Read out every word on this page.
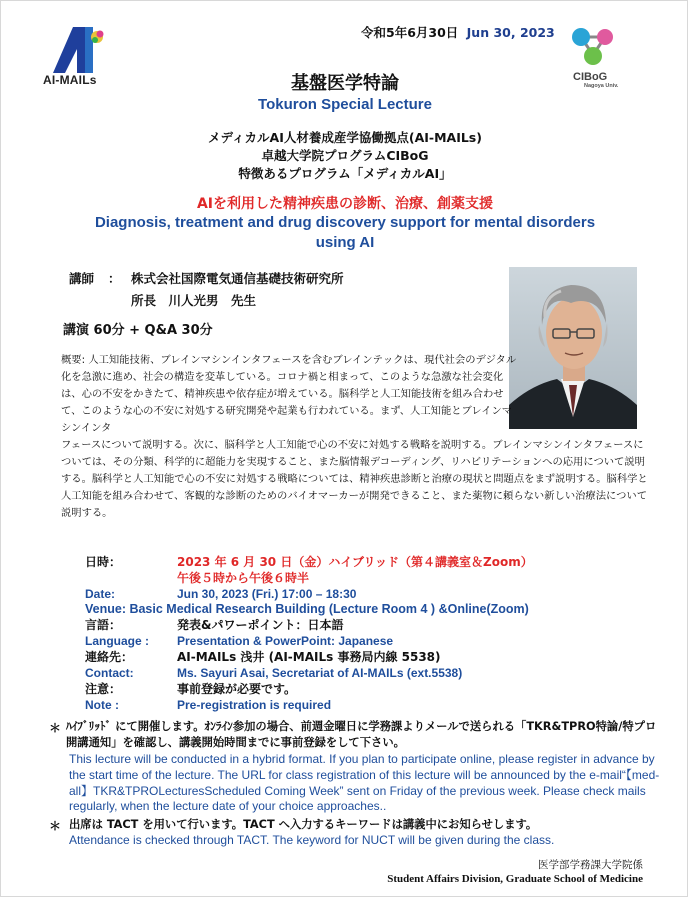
AI-MAILs
令和5年6月30日 Jun 30, 2023
CIBoG
Nagoya Univ.
基盤医学特論
Tokuron Special Lecture
メディカルAI人材養成産学協働拠点(AI-MAILs)
卓越大学院プログラムCIBoG
特徴あるプログラム「メディカルAI」
AIを利用した精神疾患の診断、治療、創薬支援
Diagnosis, treatment and drug discovery support for mental disorders
using AI
講師 ： 株式会社国際電気通信基礎技術研究所
所長　川人光男　先生
講演 60分 + Q&A 30分
概要: 人工知能技術、ブレインマシンインタフェースを含むブレインテックは、現代社会のデジタル化を急激に進め、社会の構造を変革している。コロナ禍と相まって、このような急激な社会変化は、心の不安をかきたて、精神疾患や依存症が増えている。脳科学と人工知能技術を組み合わせて、このような心の不安に対処する研究開発や起業も行われている。まず、人工知能とブレインマシンインタ
フェースについて説明する。次に、脳科学と人工知能で心の不安に対処する戦略を説明する。ブレインマシンインタフェースについては、その分類、科学的に超能力を実現すること、また脳情報デコーディング、リハビリテーションへの応用について説明する。脳科学と人工知能で心の不安に対処する戦略については、精神疾患診断と治療の現状と問題点をまず説明する。脳科学と人工知能を組み合わせて、客観的な診断のためのバイオマーカーが開発できること、また薬物に頼らない新しい治療法について説明する。
日時：	2023 年 6 月 30 日（金）ハイブリッド（第４講義室＆Zoom）
午後５時から午後６時半
Date:	Jun 30, 2023 (Fri.) 17:00 – 18:30
Venue: Basic Medical Research Building (Lecture Room 4 ) &Online(Zoom)
言語：	発表&パワーポイント：日本語
Language : Presentation & PowerPoint: Japanese
連絡先：	AI-MAILs 浅井 (AI-MAILs 事務局内線 5538)
Contact:	Ms. Sayuri Asai, Secretariat of AI-MAILs (ext.5538)
注意：	事前登録が必要です。
Note :	Pre-registration is required
＊ ﾊｲﾌﾞﾘｯﾄﾞ にて開催します。ｵﾝﾗｲﾝ参加の場合、前週金曜日に学務課よりメールで送られる「TKR&TPRO特論/特プロ開講通知」を確認し、講義開始時間までに事前登録をして下さい。
This lecture will be conducted in a hybrid format. If you plan to participate online, please register in advance by the start time of the lecture. The URL for class registration of this lecture will be announced by the e-mail“【med-all】TKR&TPROLecturesScheduled Coming Week” sent on Friday of the previous week. Please check mails regularly, when the lecture date of your choice approaches..
＊ 出席は TACT を用いて行います。TACT へ入力するキーワードは講義中にお知らせします。
Attendance is checked through TACT. The keyword for NUCT will be given during the class.
医学部学務課大学院係
Student Affairs Division, Graduate School of Medicine
